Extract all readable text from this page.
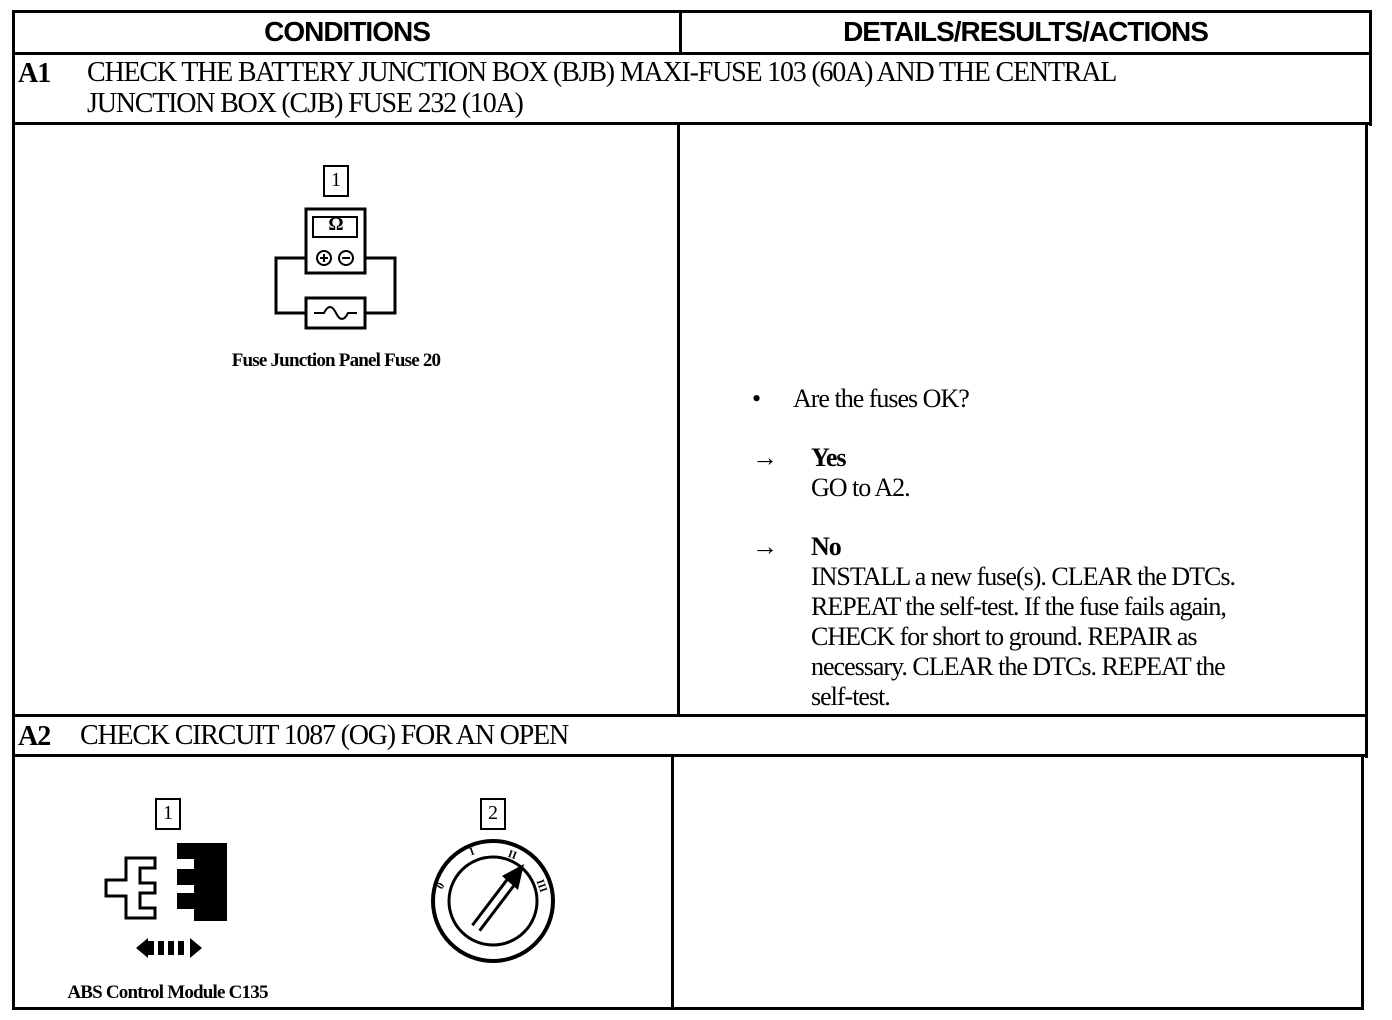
CONDITIONS	DETAILS/RESULTS/ACTIONS
A1 CHECK THE BATTERY JUNCTION BOX (BJB) MAXI-FUSE 103 (60A) AND THE CENTRAL
JUNCTION BOX (CJB) FUSE 232 (10A)
1
Ω
Fuse Junction Panel Fuse 20
• Are the fuses OK?
→ Yes
GO to A2.
→ No
INSTALL a new fuse(s). CLEAR the DTCs.
REPEAT the self-test. If the fuse fails again,
CHECK for short to ground. REPAIR as
necessary. CLEAR the DTCs. REPEAT the
self-test.
A2 CHECK CIRCUIT 1087 (OG) FOR AN OPEN
1
ABS Control Module C135
2
0
I	II
III
